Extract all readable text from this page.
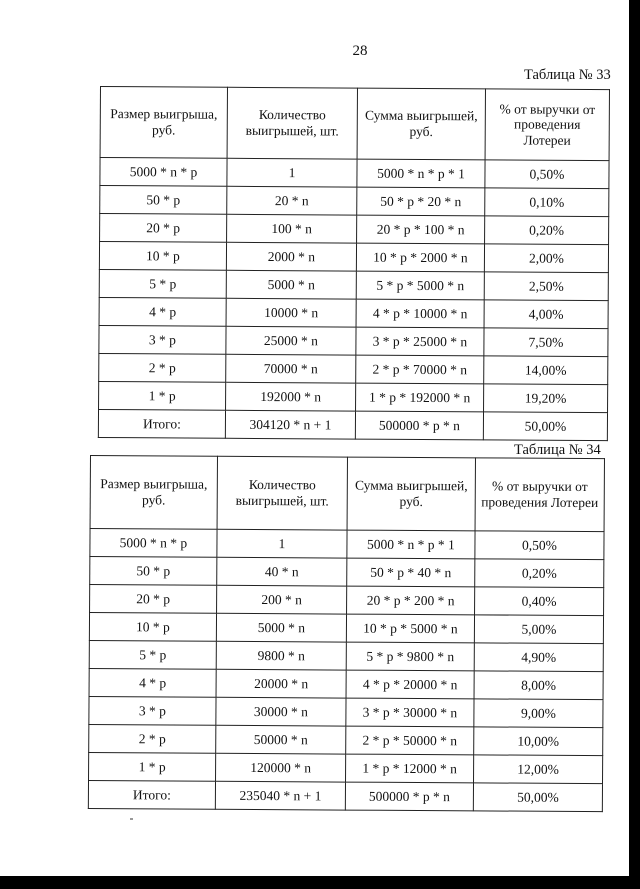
28
Таблица № 33
Размер выигрыша, руб.	Количество выигрышей, шт.	Сумма выигрышей, руб.	% от выручки от проведения Лотереи
5000 * n * p	1	5000 * n * p * 1	0,50%
50 * p	20 * n	50 * p * 20 * n	0,10%
20 * p	100 * n	20 * p * 100 * n	0,20%
10 * p	2000 * n	10 * p * 2000 * n	2,00%
5 * p	5000 * n	5 * p * 5000 * n	2,50%
4 * p	10000 * n	4 * p * 10000 * n	4,00%
3 * p	25000 * n	3 * p * 25000 * n	7,50%
2 * p	70000 * n	2 * p * 70000 * n	14,00%
1 * p	192000 * n	1 * p * 192000 * n	19,20%
Итого:	304120 * n + 1	500000 * p * n	50,00%
Таблица № 34
Размер выигрыша, руб.	Количество выигрышей, шт.	Сумма выигрышей, руб.	% от выручки от проведения Лотереи
5000 * n * p	1	5000 * n * p * 1	0,50%
50 * p	40 * n	50 * p * 40 * n	0,20%
20 * p	200 * n	20 * p * 200 * n	0,40%
10 * p	5000 * n	10 * p * 5000 * n	5,00%
5 * p	9800 * n	5 * p * 9800 * n	4,90%
4 * p	20000 * n	4 * p * 20000 * n	8,00%
3 * p	30000 * n	3 * p * 30000 * n	9,00%
2 * p	50000 * n	2 * p * 50000 * n	10,00%
1 * p	120000 * n	1 * p * 12000 * n	12,00%
Итого:	235040 * n + 1	500000 * p * n	50,00%
